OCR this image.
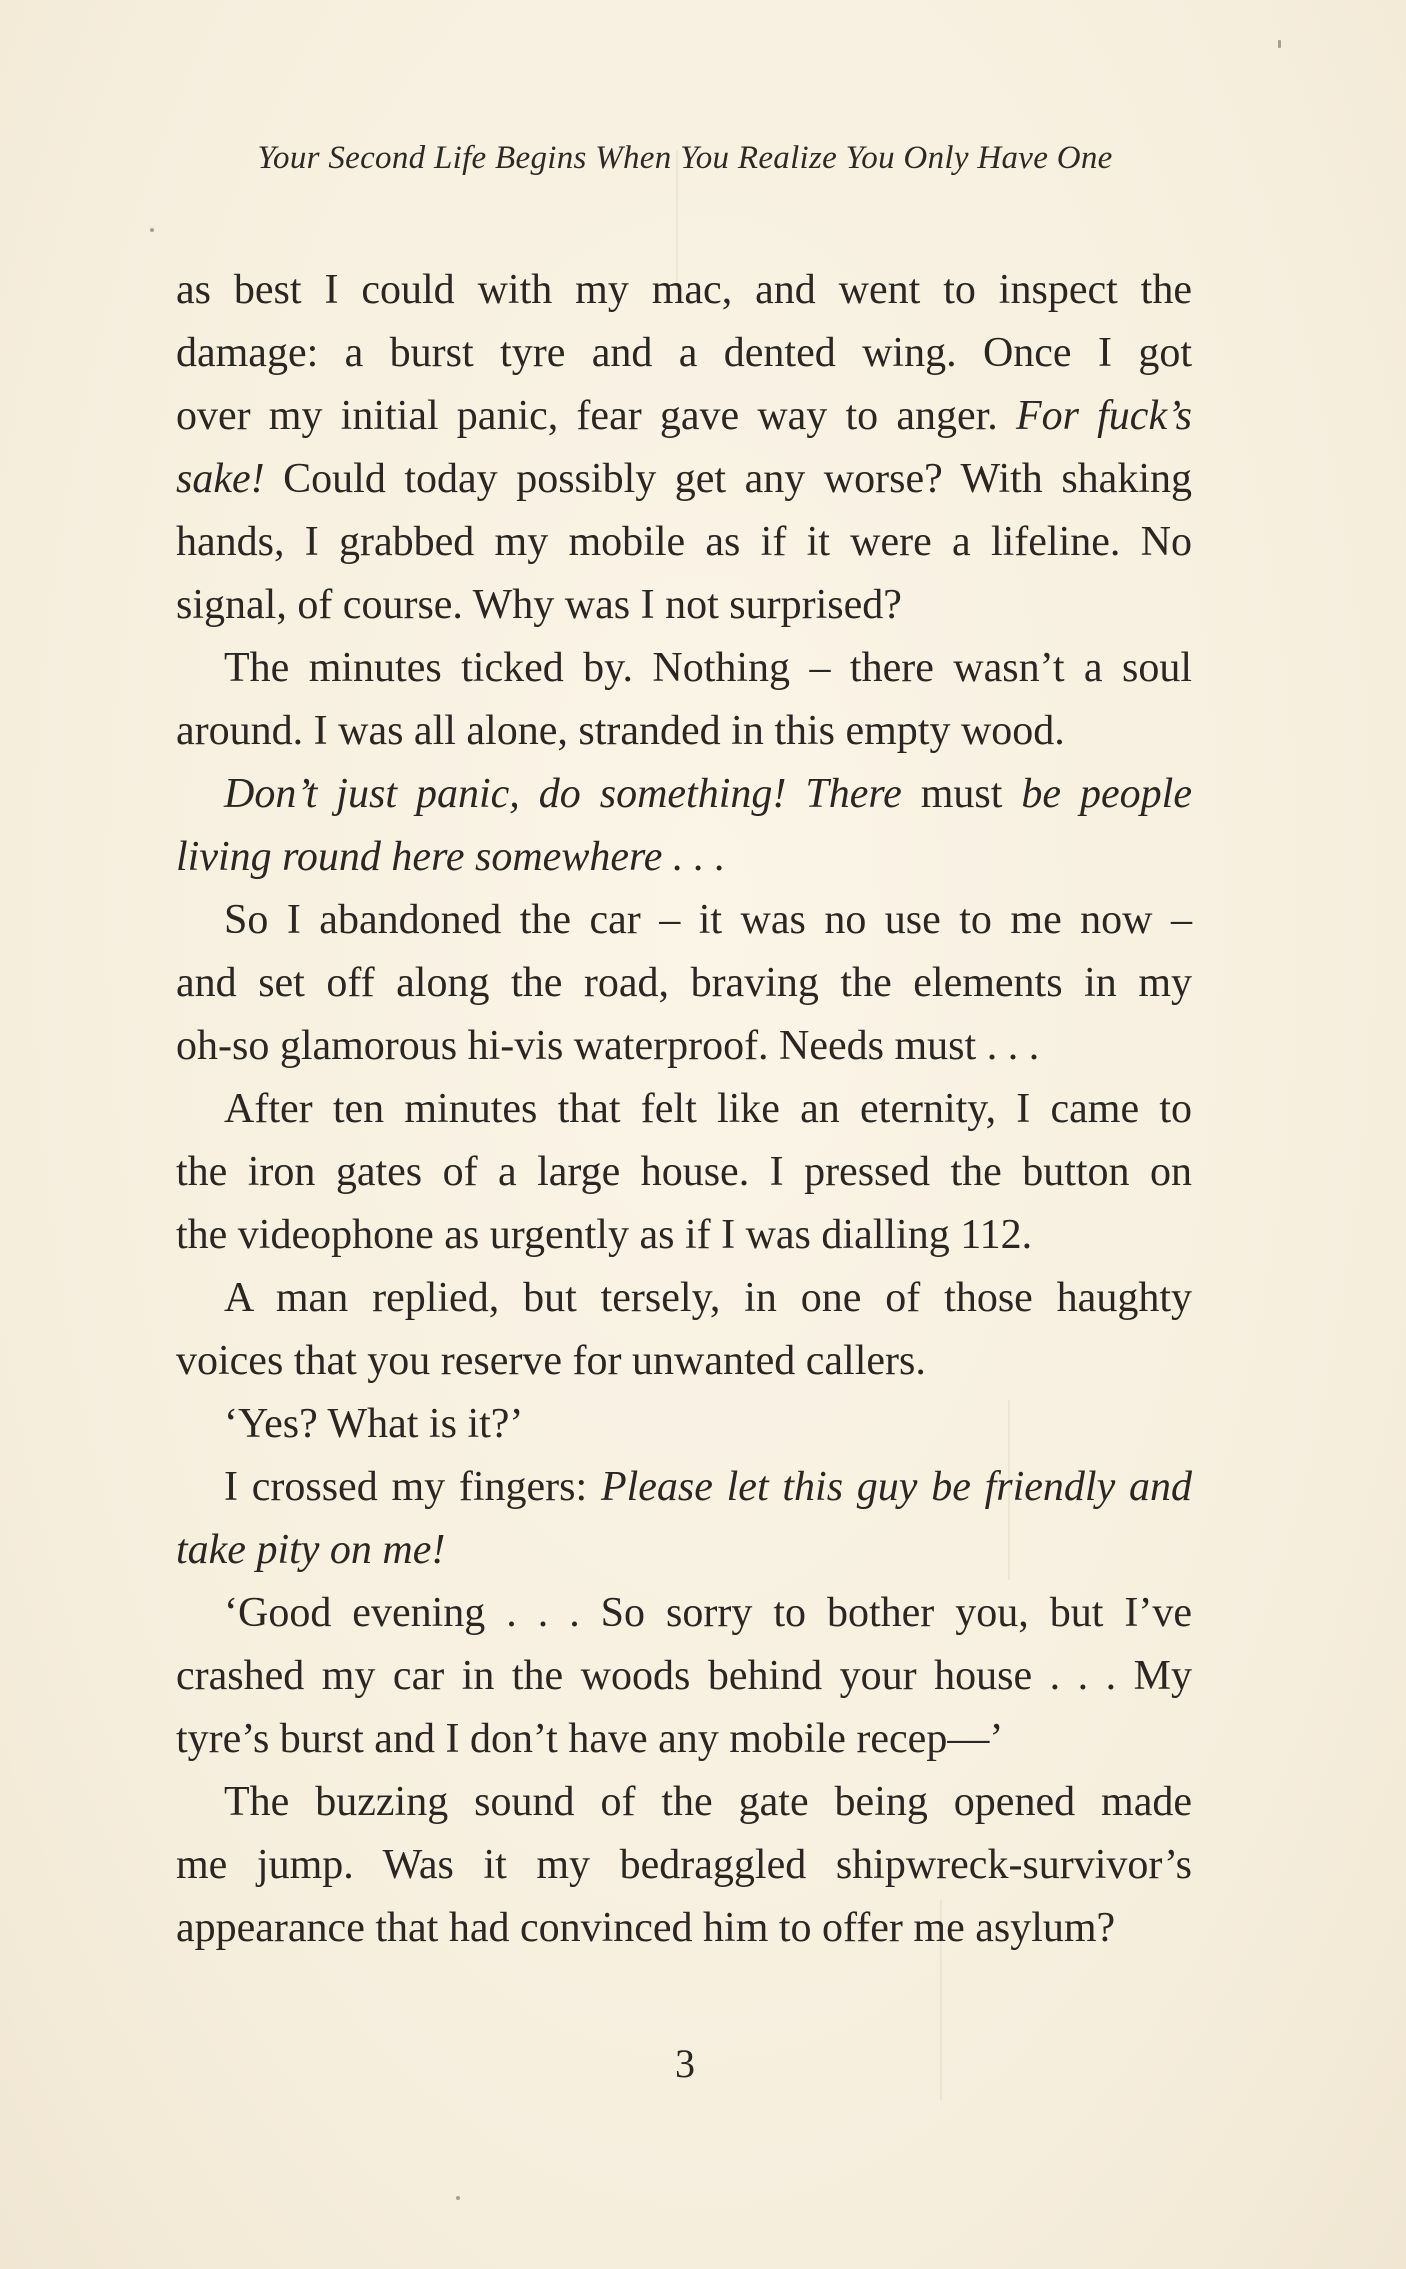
Your Second Life Begins When You Realize You Only Have One
as best I could with my mac, and went to inspect the
damage: a burst tyre and a dented wing. Once I got
over my initial panic, fear gave way to anger. For fuck’s
sake! Could today possibly get any worse? With shaking
hands, I grabbed my mobile as if it were a lifeline. No
signal, of course. Why was I not surprised?
The minutes ticked by. Nothing – there wasn’t a soul
around. I was all alone, stranded in this empty wood.
Don’t just panic, do something! There must be people
living round here somewhere . . .
So I abandoned the car – it was no use to me now –
and set off along the road, braving the elements in my
oh-so glamorous hi-vis waterproof. Needs must . . .
After ten minutes that felt like an eternity, I came to
the iron gates of a large house. I pressed the button on
the videophone as urgently as if I was dialling 112.
A man replied, but tersely, in one of those haughty
voices that you reserve for unwanted callers.
‘Yes? What is it?’
I crossed my fingers: Please let this guy be friendly and
take pity on me!
‘Good evening . . . So sorry to bother you, but I’ve
crashed my car in the woods behind your house . . . My
tyre’s burst and I don’t have any mobile recep—’
The buzzing sound of the gate being opened made
me jump. Was it my bedraggled shipwreck-survivor’s
appearance that had convinced him to offer me asylum?
3
